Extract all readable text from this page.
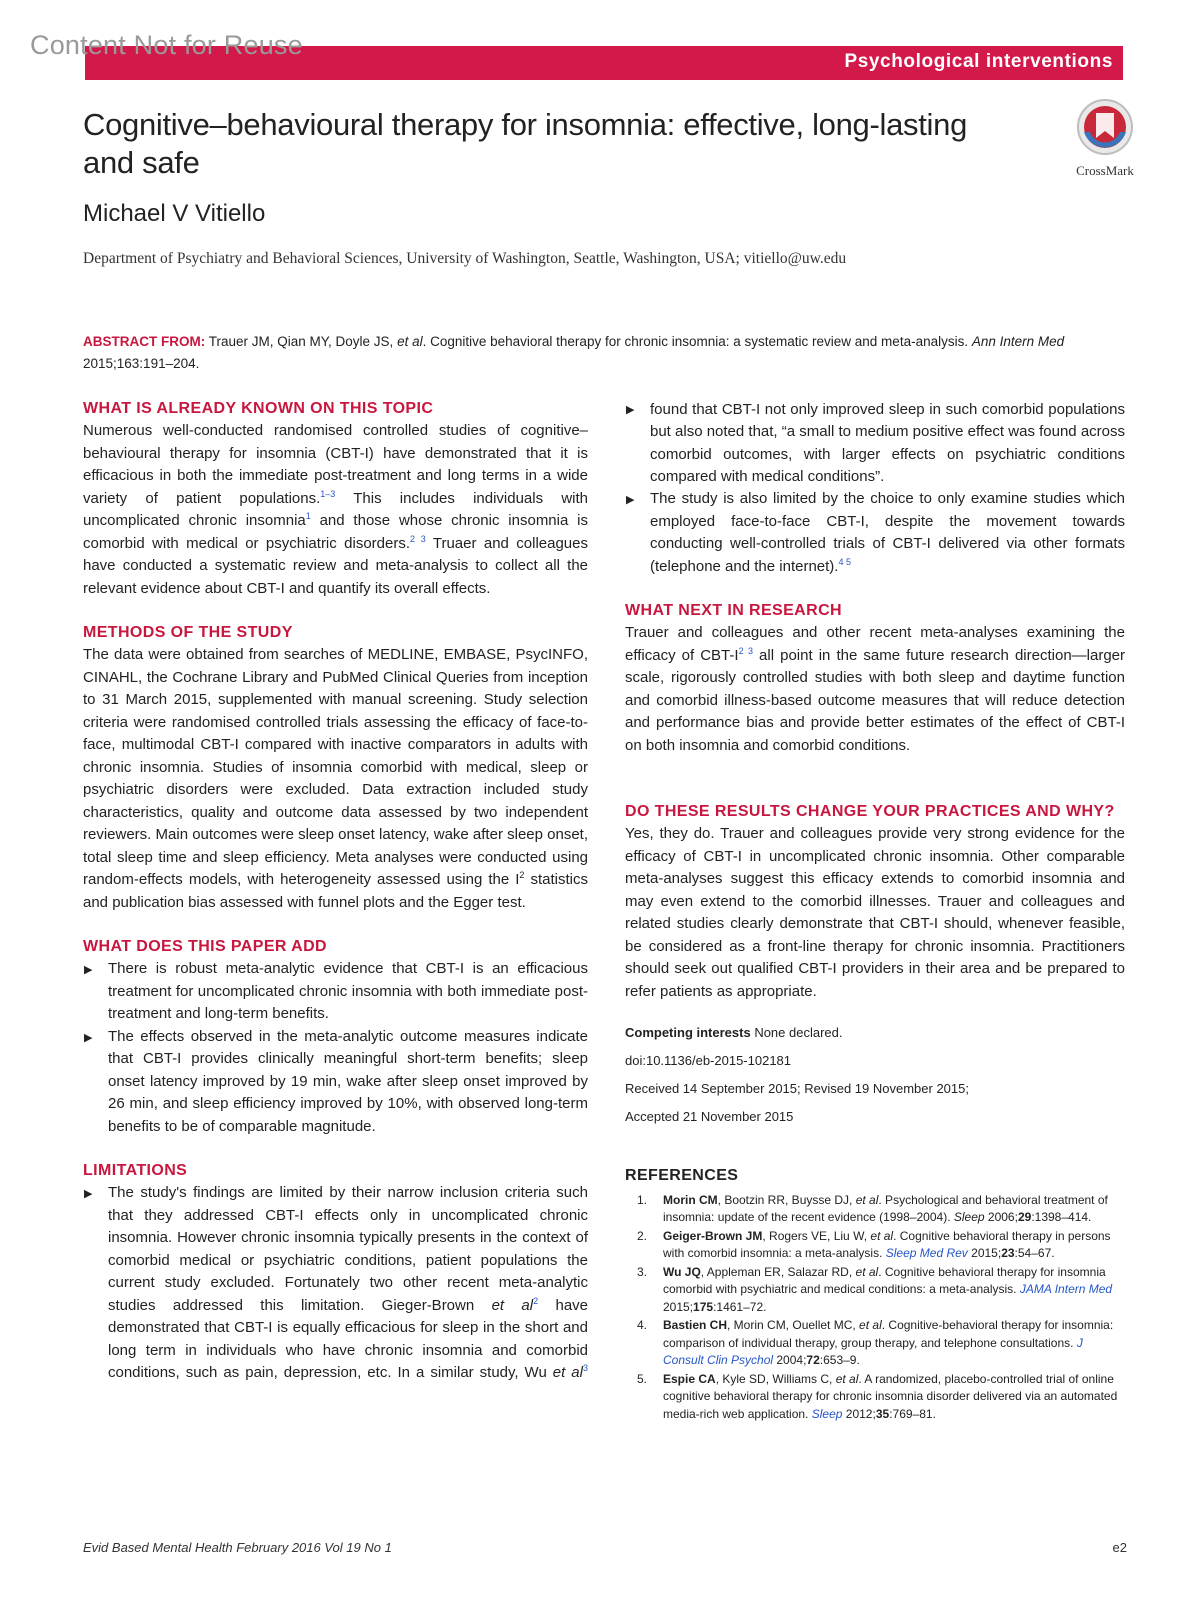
Content Not for Reuse
Psychological interventions
Cognitive–behavioural therapy for insomnia: effective, long-lasting and safe	CrossMark
Michael V Vitiello
Department of Psychiatry and Behavioral Sciences, University of Washington, Seattle, Washington, USA; vitiello@uw.edu
ABSTRACT FROM: Trauer JM, Qian MY, Doyle JS, et al. Cognitive behavioral therapy for chronic insomnia: a systematic review and meta-analysis. Ann Intern Med 2015;163:191–204.
WHAT IS ALREADY KNOWN ON THIS TOPIC

Numerous well-conducted randomised controlled studies of cognitive–behavioural therapy for insomnia (CBT-I) have demonstrated that it is efficacious in both the immediate post-treatment and long terms in a wide variety of patient populations.$^{1-3}$ This includes individuals with uncomplicated chronic insomnia$^1$ and those whose chronic insomnia is comorbid with medical or psychiatric disorders.$^{2 3}$ Truaer and colleagues have conducted a systematic review and meta-analysis to collect all the relevant evidence about CBT-I and quantify its overall effects.

METHODS OF THE STUDY

The data were obtained from searches of MEDLINE, EMBASE, PsycINFO, CINAHL, the Cochrane Library and PubMed Clinical Queries from inception to 31 March 2015, supplemented with manual screening. Study selection criteria were randomised controlled trials assessing the efficacy of face-to-face, multimodal CBT-I compared with inactive comparators in adults with chronic insomnia. Studies of insomnia comorbid with medical, sleep or psychiatric disorders were excluded. Data extraction included study characteristics, quality and outcome data assessed by two independent reviewers. Main outcomes were sleep onset latency, wake after sleep onset, total sleep time and sleep efficiency. Meta analyses were conducted using random-effects models, with heterogeneity assessed using the $I^2$ statistics and publication bias assessed with funnel plots and the Egger test.

WHAT DOES THIS PAPER ADD
▶ There is robust meta-analytic evidence that CBT-I is an efficacious treatment for uncomplicated chronic insomnia with both immediate post-treatment and long-term benefits.
▶ The effects observed in the meta-analytic outcome measures indicate that CBT-I provides clinically meaningful short-term benefits; sleep onset latency improved by 19 min, wake after sleep onset improved by 26 min, and sleep efficiency improved by 10%, with observed long-term benefits to be of comparable magnitude.
LIMITATIONS
▶ The study's findings are limited by their narrow inclusion criteria such that they addressed CBT-I effects only in uncomplicated chronic insomnia. However chronic insomnia typically presents in the context of comorbid medical or psychiatric conditions, patient populations the current study excluded. Fortunately two other recent meta-analytic studies addressed this limitation. Gieger-Brown et $al^2$ have demonstrated that CBT-I is equally efficacious for sleep in the short and long term in individuals who have chronic insomnia and comorbid conditions, such as pain, depression, etc. In a similar study, Wu et $al^3$
▶ found that CBT-I not only improved sleep in such comorbid populations but also noted that, “a small to medium positive effect was found across comorbid outcomes, with larger effects on psychiatric conditions compared with medical conditions”.
▶ The study is also limited by the choice to only examine studies which employed face-to-face CBT-I, despite the movement towards conducting well-controlled trials of CBT-I delivered via other formats (telephone and the internet).$^{4 5}$
WHAT NEXT IN RESEARCH

Trauer and colleagues and other recent meta-analyses examining the efficacy of CBT-$I^{2 3}$ all point in the same future research direction—larger scale, rigorously controlled studies with both sleep and daytime function and comorbid illness-based outcome measures that will reduce detection and performance bias and provide better estimates of the effect of CBT-I on both insomnia and comorbid conditions.

DO THESE RESULTS CHANGE YOUR PRACTICES AND WHY?

Yes, they do. Trauer and colleagues provide very strong evidence for the efficacy of CBT-I in uncomplicated chronic insomnia. Other comparable meta-analyses suggest this efficacy extends to comorbid insomnia and may even extend to the comorbid illnesses. Trauer and colleagues and related studies clearly demonstrate that CBT-I should, whenever feasible, be considered as a front-line therapy for chronic insomnia. Practitioners should seek out qualified CBT-I providers in their area and be prepared to refer patients as appropriate.

Competing interests None declared.
doi:10.1136/eb-2015-102181
Received 14 September 2015; Revised 19 November 2015;
Accepted 21 November 2015
REFERENCES
1. Morin CM, Bootzin RR, Buysse DJ, et al. Psychological and behavioral treatment of insomnia: update of the recent evidence (1998–2004). Sleep 2006;29:1398–414.
2. Geiger-Brown JM, Rogers VE, Liu W, et al. Cognitive behavioral therapy in persons with comorbid insomnia: a meta-analysis. Sleep Med Rev 2015;23:54–67.
3. Wu JQ, Appleman ER, Salazar RD, et al. Cognitive behavioral therapy for insomnia comorbid with psychiatric and medical conditions: a meta-analysis. JAMA Intern Med 2015;175:1461–72.
4. Bastien CH, Morin CM, Ouellet MC, et al. Cognitive-behavioral therapy for insomnia: comparison of individual therapy, group therapy, and telephone consultations. J Consult Clin Psychol 2004;72:653–9.
5. Espie CA, Kyle SD, Williams C, et al. A randomized, placebo-controlled trial of online cognitive behavioral therapy for chronic insomnia disorder delivered via an automated media-rich web application. Sleep 2012;35:769–81.
Evid Based Mental Health February 2016 Vol 19 No 1	e2
